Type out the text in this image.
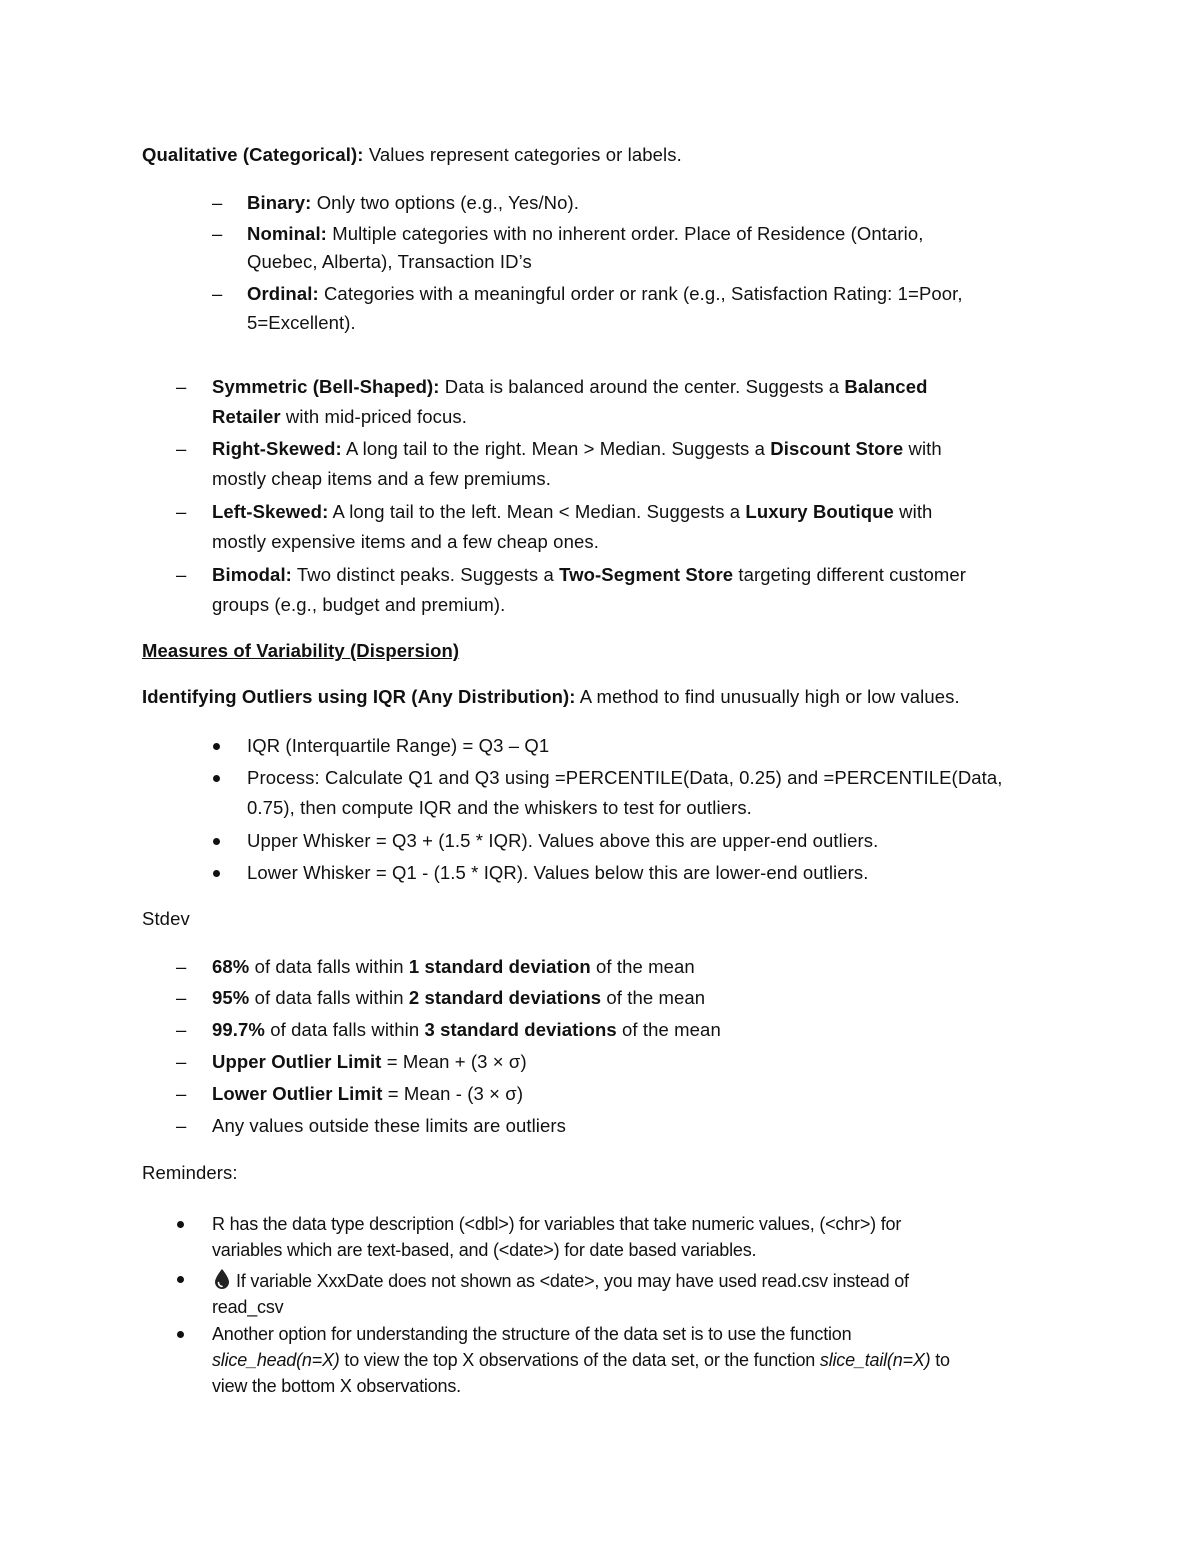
Qualitative (Categorical): Values represent categories or labels.
– Binary: Only two options (e.g., Yes/No).
– Nominal: Multiple categories with no inherent order. Place of Residence (Ontario,
Quebec, Alberta), Transaction ID’s
– Ordinal: Categories with a meaningful order or rank (e.g., Satisfaction Rating: 1=Poor,
5=Excellent).
– Symmetric (Bell-Shaped): Data is balanced around the center. Suggests a Balanced
Retailer with mid-priced focus.
– Right-Skewed: A long tail to the right. Mean > Median. Suggests a Discount Store with
mostly cheap items and a few premiums.
– Left-Skewed: A long tail to the left. Mean < Median. Suggests a Luxury Boutique with
mostly expensive items and a few cheap ones.
– Bimodal: Two distinct peaks. Suggests a Two-Segment Store targeting different customer
groups (e.g., budget and premium).
Measures of Variability (Dispersion)
Identifying Outliers using IQR (Any Distribution): A method to find unusually high or low values.
IQR (Interquartile Range) = Q3 – Q1
Process: Calculate Q1 and Q3 using =PERCENTILE(Data, 0.25) and =PERCENTILE(Data,
0.75), then compute IQR and the whiskers to test for outliers.
Upper Whisker = Q3 + (1.5 * IQR). Values above this are upper-end outliers.
Lower Whisker = Q1 - (1.5 * IQR). Values below this are lower-end outliers.
Stdev
– 68% of data falls within 1 standard deviation of the mean
– 95% of data falls within 2 standard deviations of the mean
– 99.7% of data falls within 3 standard deviations of the mean
– Upper Outlier Limit = Mean + (3 × σ)
– Lower Outlier Limit = Mean - (3 × σ)
– Any values outside these limits are outliers
Reminders:
R has the data type description (<dbl>) for variables that take numeric values, (<chr>) for
variables which are text-based, and (<date>) for date based variables.
If variable XxxDate does not shown as <date>, you may have used read.csv instead of
read_csv
Another option for understanding the structure of the data set is to use the function
slice_head(n=X) to view the top X observations of the data set, or the function slice_tail(n=X) to
view the bottom X observations.
